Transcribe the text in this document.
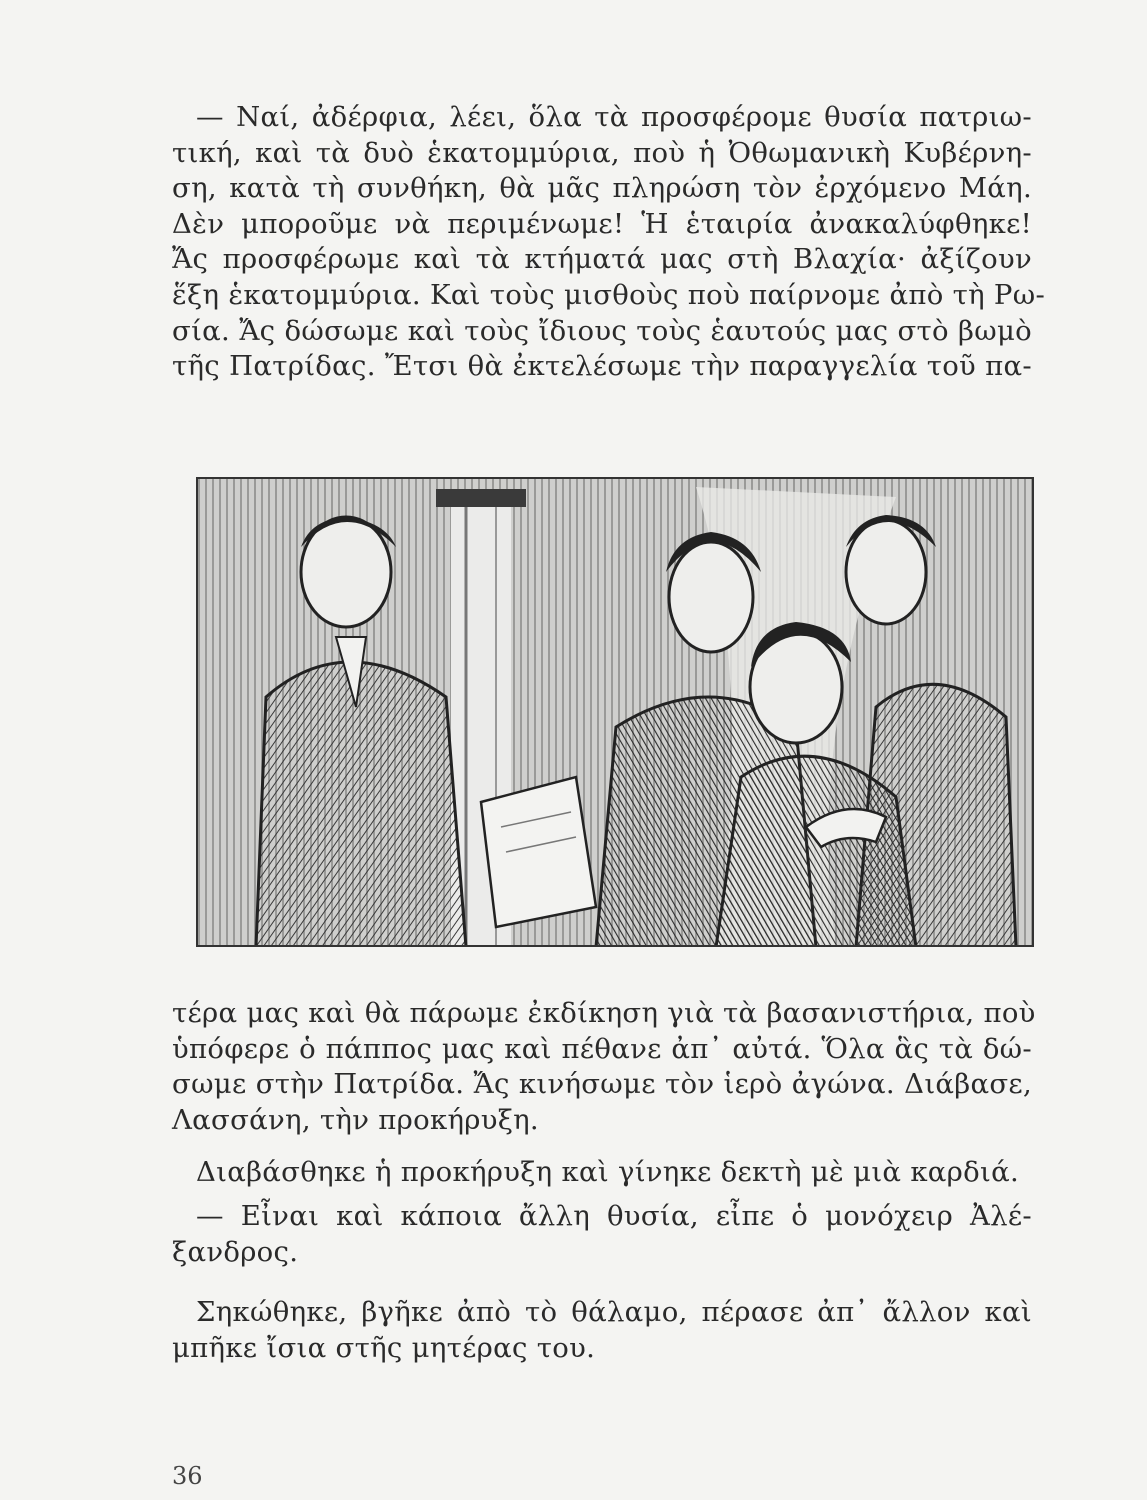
— Ναί, ἀδέρφια, λέει, ὅλα τὰ προσφέρομε θυσία πατριω-
τική, καὶ τὰ δυὸ ἑκατομμύρια, ποὺ ἡ Ὀθωμανικὴ Κυβέρνη-
ση, κατὰ τὴ συνθήκη, θὰ μᾶς πληρώση τὸν ἐρχόμενο Μάη.
Δὲν μποροῦμε νὰ περιμένωμε! Ἡ ἑταιρία ἀνακαλύφθηκε!
Ἄς προσφέρωμε καὶ τὰ κτήματά μας στὴ Βλαχία· ἀξίζουν
ἕξη ἑκατομμύρια. Καὶ τοὺς μισθοὺς ποὺ παίρνομε ἀπὸ τὴ Ρω-
σία. Ἄς δώσωμε καὶ τοὺς ἴδιους τοὺς ἑαυτούς μας στὸ βωμὸ
τῆς Πατρίδας. Ἔτσι θὰ ἐκτελέσωμε τὴν παραγγελία τοῦ πα-
τέρα μας καὶ θὰ πάρωμε ἐκδίκηση γιὰ τὰ βασανιστήρια, ποὺ
ὑπόφερε ὁ πάππος μας καὶ πέθανε ἀπ᾿ αὐτά. Ὅλα ἃς τὰ δώ-
σωμε στὴν Πατρίδα. Ἄς κινήσωμε τὸν ἱερὸ ἀγώνα. Διάβασε,
Λασσάνη, τὴν προκήρυξη.
Διαβάσθηκε ἡ προκήρυξη καὶ γίνηκε δεκτὴ μὲ μιὰ καρδιά.
— Εἶναι καὶ κάποια ἄλλη θυσία, εἶπε ὁ μονόχειρ Ἀλέ-
ξανδρος.
Σηκώθηκε, βγῆκε ἀπὸ τὸ θάλαμο, πέρασε ἀπ᾿ ἄλλον καὶ
μπῆκε ἴσια στῆς μητέρας του.
36
